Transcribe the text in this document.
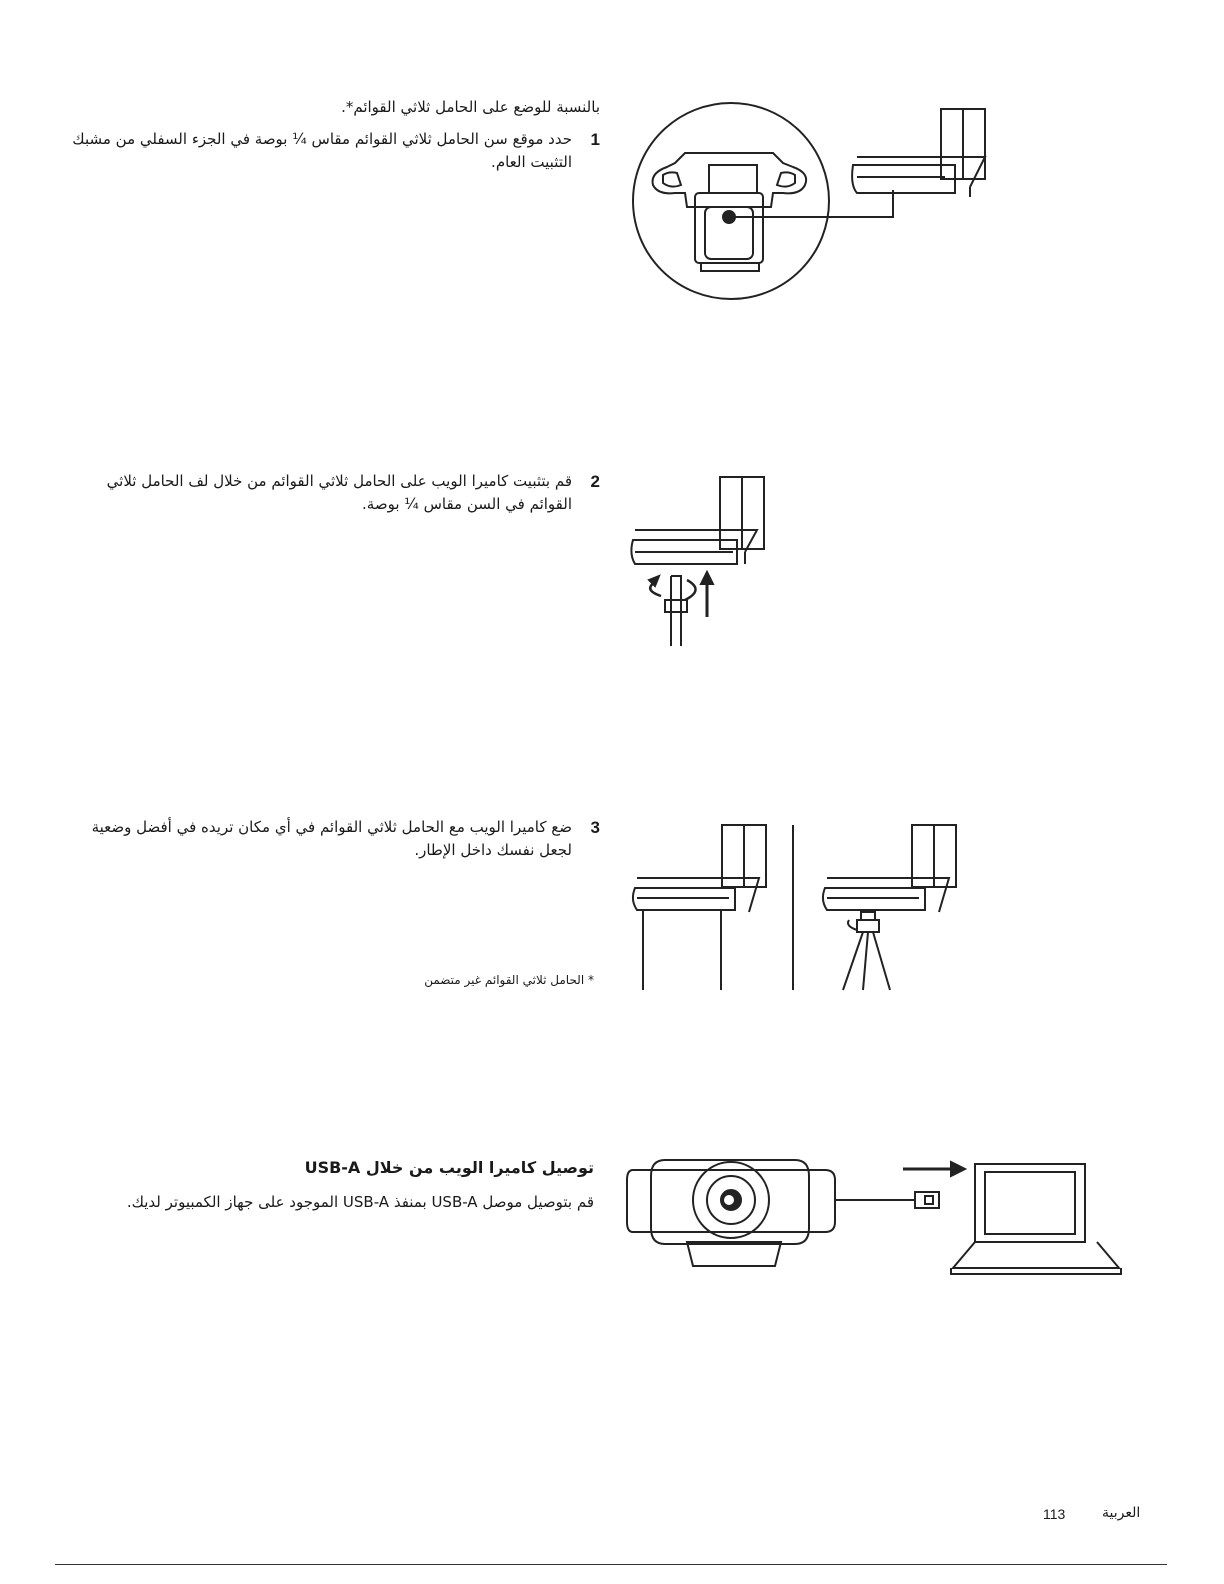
بالنسبة للوضع على الحامل ثلاثي القوائم*.
1
حدد موقع سن الحامل ثلاثي القوائم مقاس ¼ بوصة في الجزء السفلي من مشبك التثبيت العام.
2
قم بتثبيت كاميرا الويب على الحامل ثلاثي القوائم من خلال لف الحامل ثلاثي القوائم في السن مقاس ¼ بوصة.
3
ضع كاميرا الويب مع الحامل ثلاثي القوائم في أي مكان تريده في أفضل وضعية لجعل نفسك داخل الإطار.
* الحامل ثلاثي القوائم غير متضمن
توصيل كاميرا الويب من خلال USB-A
قم بتوصيل موصل USB-A بمنفذ USB-A الموجود على جهاز الكمبيوتر لديك.
العربية
113
